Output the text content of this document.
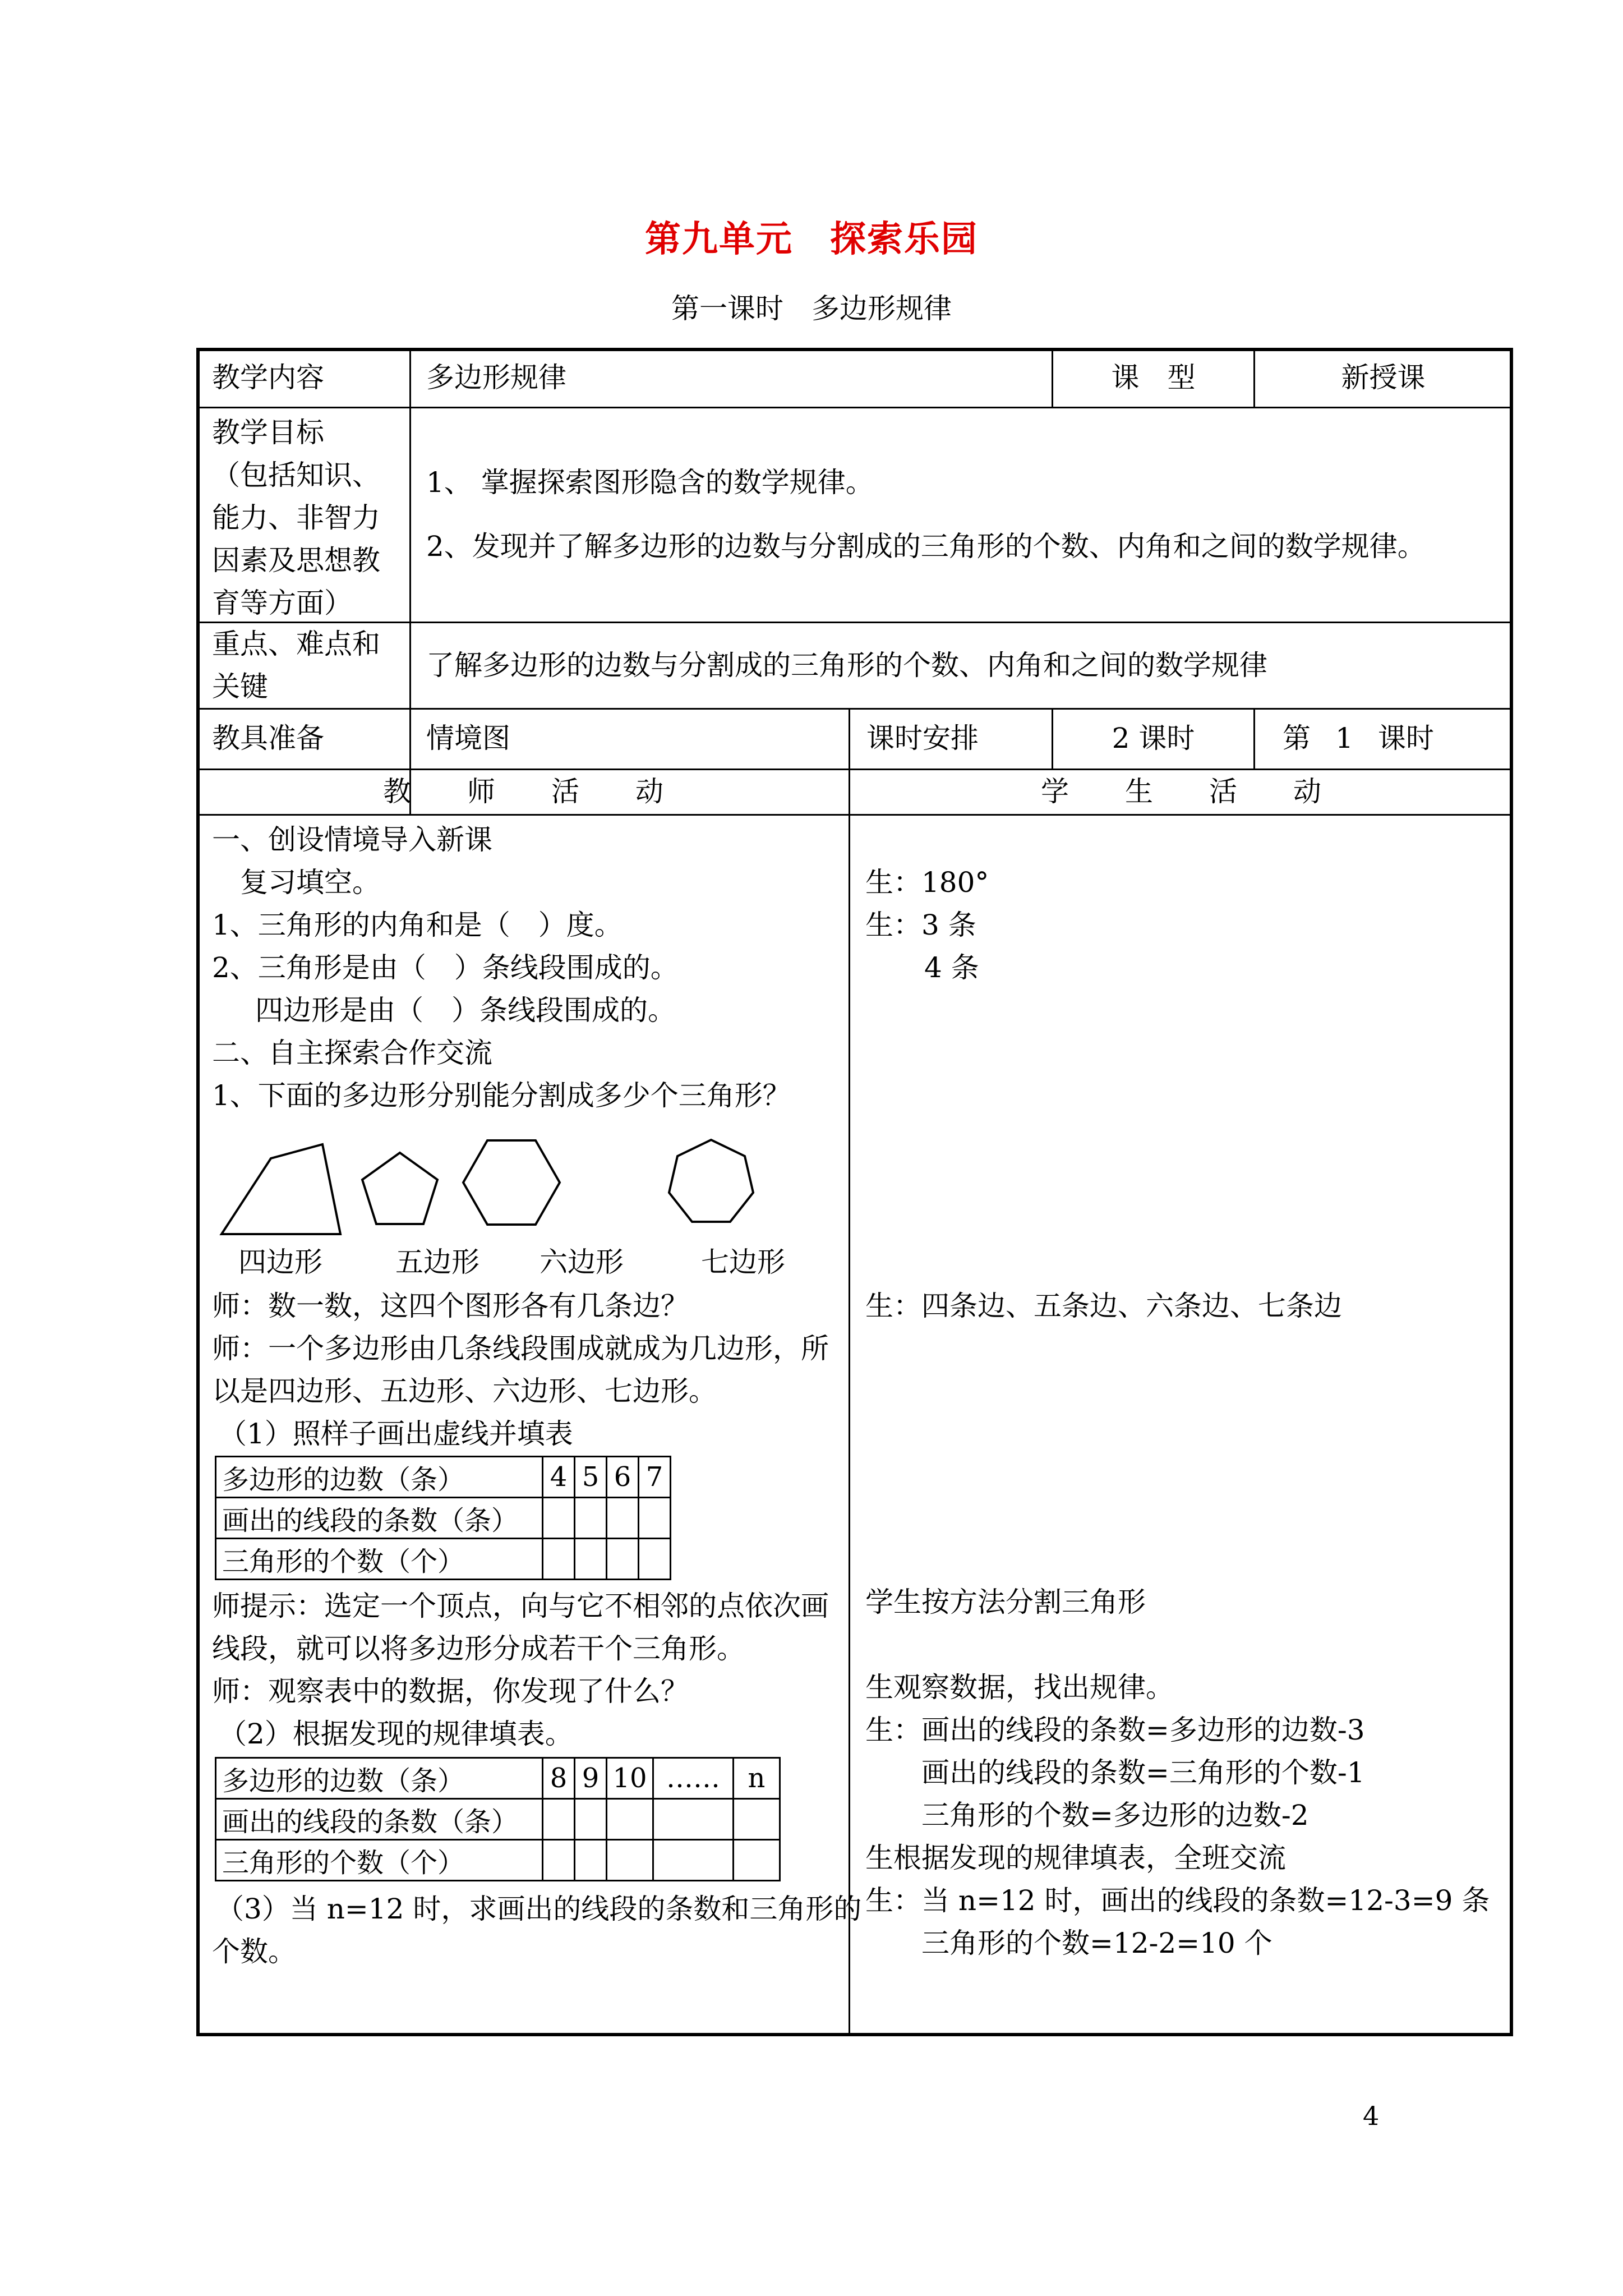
第九单元　探索乐园
第一课时　多边形规律
教学内容	多边形规律	课　型	新授课
教学目标
（包括知识、
能力、非智力
因素及思想教
育等方面）
1、 掌握探索图形隐含的数学规律。
2、发现并了解多边形的边数与分割成的三角形的个数、内角和之间的数学规律。
重点、难点和
关键
了解多边形的边数与分割成的三角形的个数、内角和之间的数学规律
教具准备	情境图	课时安排	2 课时	第 1 课时
教　　师　　活　　动	学　　生　　活　　动
一、创设情境导入新课
复习填空。
1、三角形的内角和是（　）度。
2、三角形是由（　）条线段围成的。
四边形是由（　）条线段围成的。
二、自主探索合作交流
1、下面的多边形分别能分割成多少个三角形？
四边形	五边形 六边形	七边形
师：数一数，这四个图形各有几条边？
师：一个多边形由几条线段围成就成为几边形，所
以是四边形、五边形、六边形、七边形。
（1）照样子画出虚线并填表
多边形的边数（条）	4	5	6	7
画出的线段的条数（条）				
三角形的个数（个）				
师提示：选定一个顶点，向与它不相邻的点依次画
线段，就可以将多边形分成若干个三角形。
师：观察表中的数据，你发现了什么？
（2）根据发现的规律填表。
多边形的边数（条）	8	9	10	……	n
画出的线段的条数（条）					
三角形的个数（个）					
（3）当 n=12 时，求画出的线段的条数和三角形的
个数。
生：180°
生：3 条
4 条
生：四条边、五条边、六条边、七条边
学生按方法分割三角形
生观察数据，找出规律。
生：画出的线段的条数=多边形的边数-3
画出的线段的条数=三角形的个数-1
三角形的个数=多边形的边数-2
生根据发现的规律填表，全班交流
生：当 n=12 时，画出的线段的条数=12-3=9 条
三角形的个数=12-2=10 个
4
